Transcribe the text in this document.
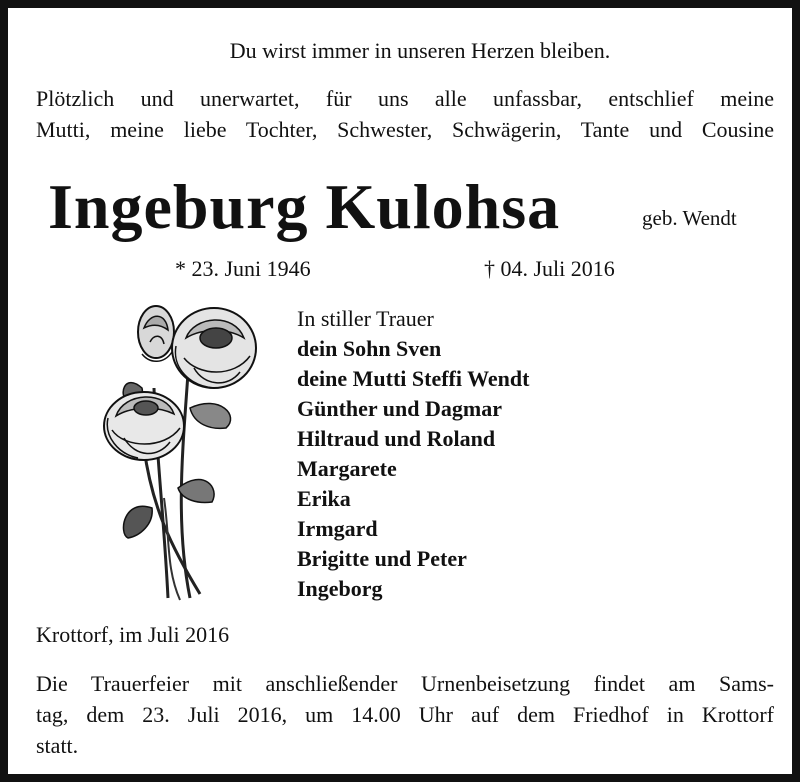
Du wirst immer in unseren Herzen bleiben.

Plötzlich und unerwartet, für uns alle unfassbar, entschlief meine

Mutti, meine liebe Tochter, Schwester, Schwägerin, Tante und Cousine

Ingeburg Kulohsa	geb. Wendt
* 23. Juni 1946	† 04. Juli 2016
In stiller Trauer
dein Sohn Sven
deine Mutti Steffi Wendt
Günther und Dagmar
Hiltraud und Roland
Margarete
Erika
Irmgard
Brigitte und Peter
Ingeborg
Krottorf, im Juli 2016
Die Trauerfeier mit anschließender Urnenbeisetzung findet am Sams-
tag, dem 23. Juli 2016, um 14.00 Uhr auf dem Friedhof in Krottorf
statt.
